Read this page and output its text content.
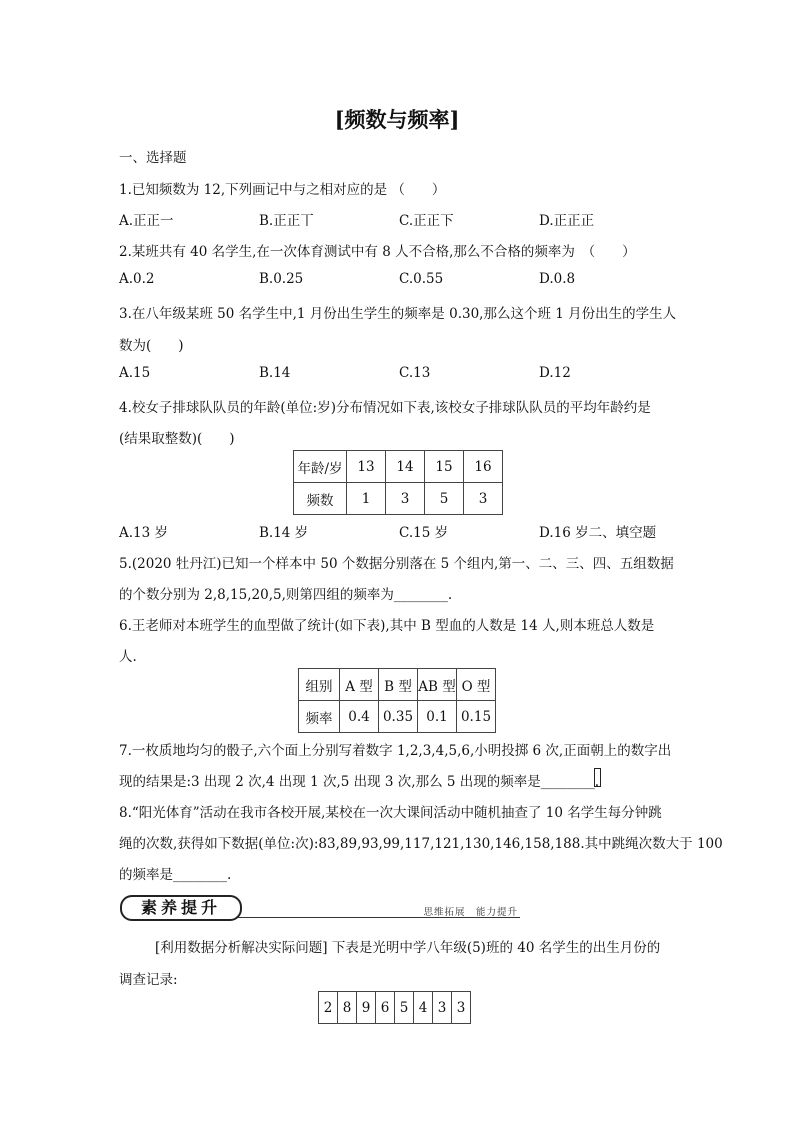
[频数与频率]
一、选择题
1.已知频数为 12,下列画记中与之相对应的是 （　　）
A.正正一	B.正正丅	C.正正下	D.正正正
2.某班共有 40 名学生,在一次体育测试中有 8 人不合格,那么不合格的频率为　（　　）
A.0.2	B.0.25	C.0.55	D.0.8
3.在八年级某班 50 名学生中,1 月份出生学生的频率是 0.30,那么这个班 1 月份出生的学生人
数为(　　)
A.15	B.14	C.13	D.12
4.校女子排球队队员的年龄(单位:岁)分布情况如下表,该校女子排球队队员的平均年龄约是
(结果取整数)(　　)
年龄/岁	13	14	15	16
频数	1	3	5	3
A.13 岁	B.14 岁	C.15 岁	D.16 岁二、填空题
5.(2020 牡丹江)已知一个样本中 50 个数据分别落在 5 个组内,第一、二、三、四、五组数据
的个数分别为 2,8,15,20,5,则第四组的频率为________.
6.王老师对本班学生的血型做了统计(如下表),其中 B 型血的人数是 14 人,则本班总人数是
人.
组别	A 型	B 型	AB 型	O 型
频率	0.4	0.35	0.1	0.15
7.一枚质地均匀的骰子,六个面上分别写着数字 1,2,3,4,5,6,小明投掷 6 次,正面朝上的数字出
现的结果是:3 出现 2 次,4 出现 1 次,5 出现 3 次,那么 5 出现的频率是________.
8.“阳光体育”活动在我市各校开展,某校在一次大课间活动中随机抽查了 10 名学生每分钟跳
绳的次数,获得如下数据(单位:次):83,89,93,99,117,121,130,146,158,188.其中跳绳次数大于 100
的频率是________.
素养提升	思维拓展　能力提升
[利用数据分析解决实际问题] 下表是光明中学八年级(5)班的 40 名学生的出生月份的
调查记录:
2	8	9	6	5	4	3	3
